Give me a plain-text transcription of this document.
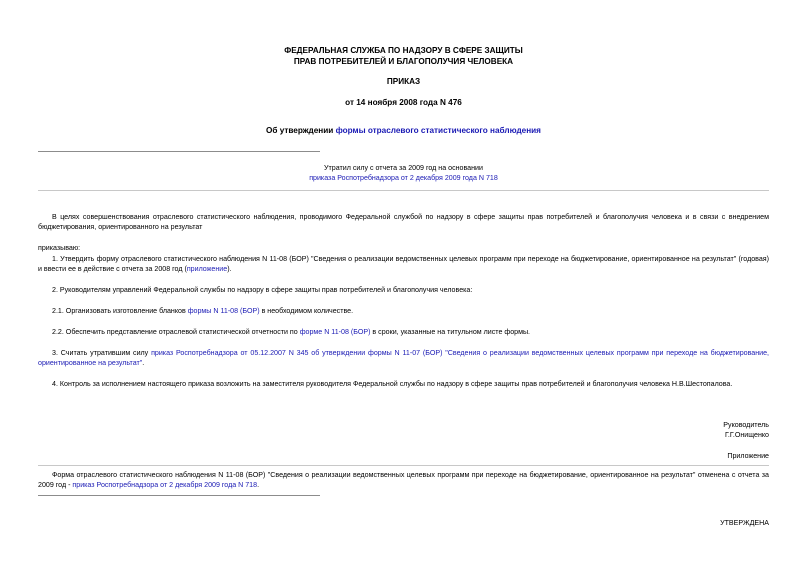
ФЕДЕРАЛЬНАЯ СЛУЖБА ПО НАДЗОРУ В СФЕРЕ ЗАЩИТЫ
ПРАВ ПОТРЕБИТЕЛЕЙ И БЛАГОПОЛУЧИЯ ЧЕЛОВЕКА
ПРИКАЗ
от 14 ноября 2008 года N 476
Об утверждении формы отраслевого статистического наблюдения
Утратил силу с отчета за 2009 год на основании
приказа Роспотребнадзора от 2 декабря 2009 года N 718
В целях совершенствования отраслевого статистического наблюдения, проводимого Федеральной службой по надзору в сфере защиты прав потребителей и благополучия человека и в связи с внедрением бюджетирования, ориентированного на результат
приказываю:
1. Утвердить форму отраслевого статистического наблюдения N 11-08 (БОР) "Сведения о реализации ведомственных целевых программ при переходе на бюджетирование, ориентированное на результат" (годовая) и ввести ее в действие с отчета за 2008 год (приложение).
2. Руководителям управлений Федеральной службы по надзору в сфере защиты прав потребителей и благополучия человека:
2.1. Организовать изготовление бланков формы N 11-08 (БОР) в необходимом количестве.
2.2. Обеспечить представление отраслевой статистической отчетности по форме N 11-08 (БОР) в сроки, указанные на титульном листе формы.
3. Считать утратившим силу приказ Роспотребнадзора от 05.12.2007 N 345 об утверждении формы N 11-07 (БОР) "Сведения о реализации ведомственных целевых программ при переходе на бюджетирование, ориентированное на результат".
4. Контроль за исполнением настоящего приказа возложить на заместителя руководителя Федеральной службы по надзору в сфере защиты прав потребителей и благополучия человека Н.В.Шестопалова.
Руководитель
Г.Г.Онищенко
Приложение
Форма отраслевого статистического наблюдения N 11-08 (БОР) "Сведения о реализации ведомственных целевых программ при переходе на бюджетирование, ориентированное на результат" отменена с отчета за 2009 год - приказ Роспотребнадзора от 2 декабря 2009 года N 718.
УТВЕРЖДЕНА
